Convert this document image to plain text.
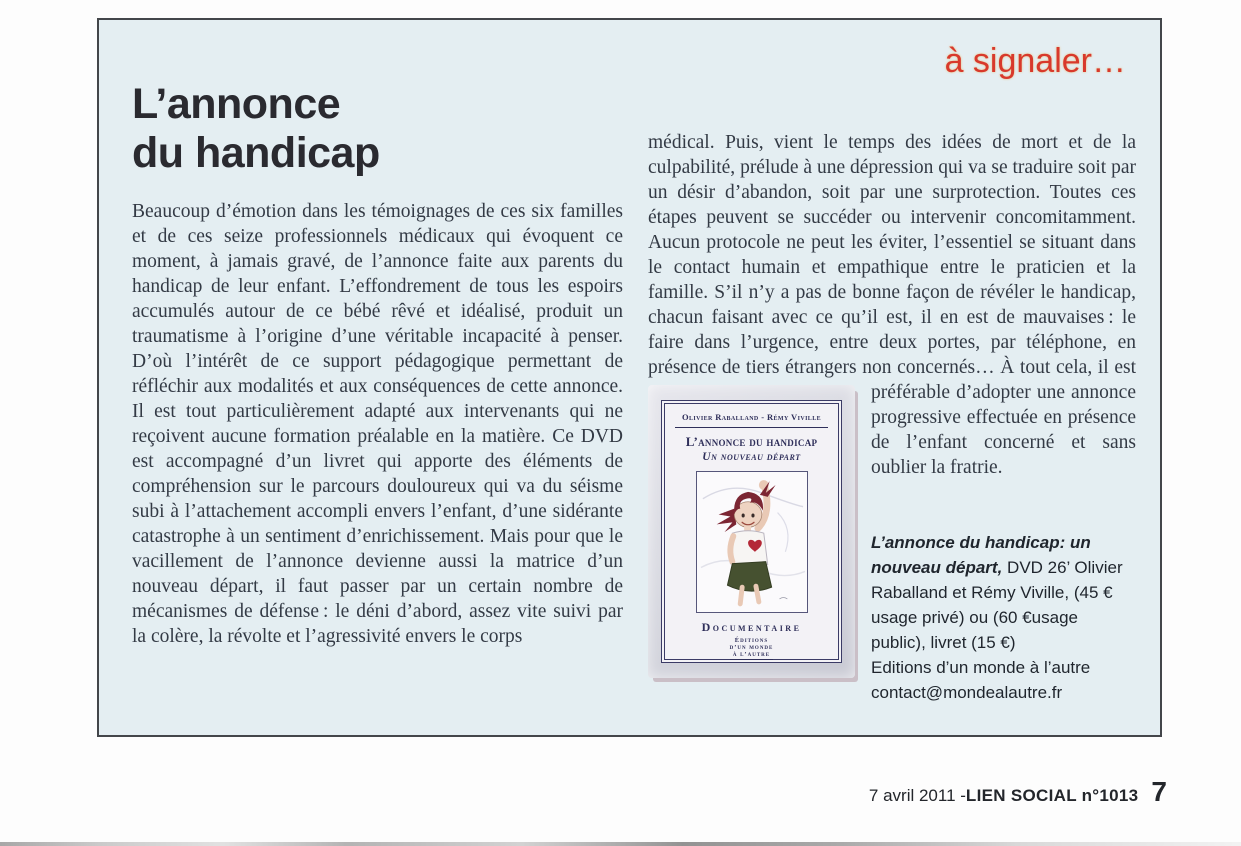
à signaler…
L’annonce
du handicap
Beaucoup d’émotion dans les témoignages de ces six familles et de ces seize professionnels médicaux qui évoquent ce moment, à jamais gravé, de l’annonce faite aux parents du handicap de leur enfant. L’effondrement de tous les espoirs accumulés autour de ce bébé rêvé et idéalisé, produit un traumatisme à l’origine d’une véritable incapacité à penser. D’où l’intérêt de ce support pédagogique permettant de réfléchir aux modalités et aux conséquences de cette annonce. Il est tout particulièrement adapté aux intervenants qui ne reçoivent aucune formation préalable en la matière. Ce DVD est accompagné d’un livret qui apporte des éléments de compréhension sur le parcours douloureux qui va du séisme subi à l’attachement accompli envers l’enfant, d’une sidérante catastrophe à un sentiment d’enrichissement. Mais pour que le vacillement de l’annonce devienne aussi la matrice d’un nouveau départ, il faut passer par un certain nombre de mécanismes de défense : le déni d’abord, assez vite suivi par la colère, la révolte et l’agressivité envers le corps
médical. Puis, vient le temps des idées de mort et de la culpabilité, prélude à une dépression qui va se traduire soit par un désir d’abandon, soit par une surprotection. Toutes ces étapes peuvent se succéder ou intervenir concomitamment. Aucun protocole ne peut les éviter, l’essentiel se situant dans le contact humain et empathique entre le praticien et la famille. S’il n’y a pas de bonne façon de révéler le handicap, chacun faisant avec ce qu’il est, il en est de mauvaises : le faire dans l’urgence, entre deux portes, par téléphone, en présence de tiers étrangers non concernés… À tout
Olivier Raballand - Rémy Viville
L’annonce du handicap
Un nouveau départ
Documentaire
Éditions
d’un monde
à l’autre
cela, il est préférable d’adopter une annonce progressive effectuée en présence de l’enfant concerné et sans oublier la fratrie.
L’annonce du handicap: un nouveau départ, DVD 26’ Olivier Raballand et Rémy Viville, (45 € usage privé) ou (60 €usage public), livret (15 €)
Editions d’un monde à l’autre
contact@mondealautre.fr
7 avril 2011 - LIEN SOCIAL n°1013 7
